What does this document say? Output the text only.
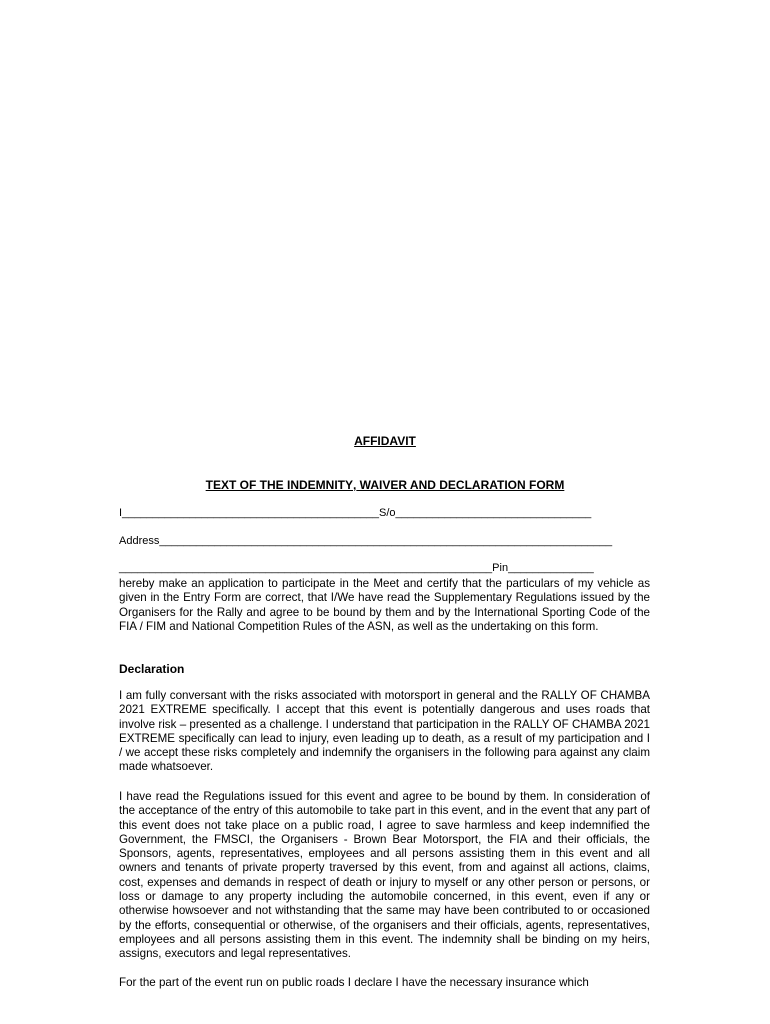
AFFIDAVIT
TEXT OF THE INDEMNITY, WAIVER AND DECLARATION FORM
I__________________________________________S/o________________________________
Address__________________________________________________________________________
_____________________________________________________________Pin______________
hereby make an application to participate in the Meet and certify that the particulars of my vehicle as given in the Entry Form are correct, that I/We have read the Supplementary Regulations issued by the Organisers for the Rally and agree to be bound by them and by the International Sporting Code of the FIA / FIM and National Competition Rules of the ASN, as well as the undertaking on this form.
Declaration
I am fully conversant with the risks associated with motorsport in general and the RALLY OF CHAMBA 2021 EXTREME specifically. I accept that this event is potentially dangerous and uses roads that involve risk – presented as a challenge. I understand that participation in the RALLY OF CHAMBA 2021 EXTREME specifically can lead to injury, even leading up to death, as a result of my participation and I / we accept these risks completely and indemnify the organisers in the following para against any claim made whatsoever.
I have read the Regulations issued for this event and agree to be bound by them. In consideration of the acceptance of the entry of this automobile to take part in this event, and in the event that any part of this event does not take place on a public road, I agree to save harmless and keep indemnified the Government, the FMSCI, the Organisers - Brown Bear Motorsport, the FIA and their officials, the Sponsors, agents, representatives, employees and all persons assisting them in this event and all owners and tenants of private property traversed by this event, from and against all actions, claims, cost, expenses and demands in respect of death or injury to myself or any other person or persons, or loss or damage to any property including the automobile concerned, in this event, even if any or otherwise howsoever and not withstanding that the same may have been contributed to or occasioned by the efforts, consequential or otherwise, of the organisers and their officials, agents, representatives, employees and all persons assisting them in this event. The indemnity shall be binding on my heirs, assigns, executors and legal representatives.
For the part of the event run on public roads I declare I have the necessary insurance which
